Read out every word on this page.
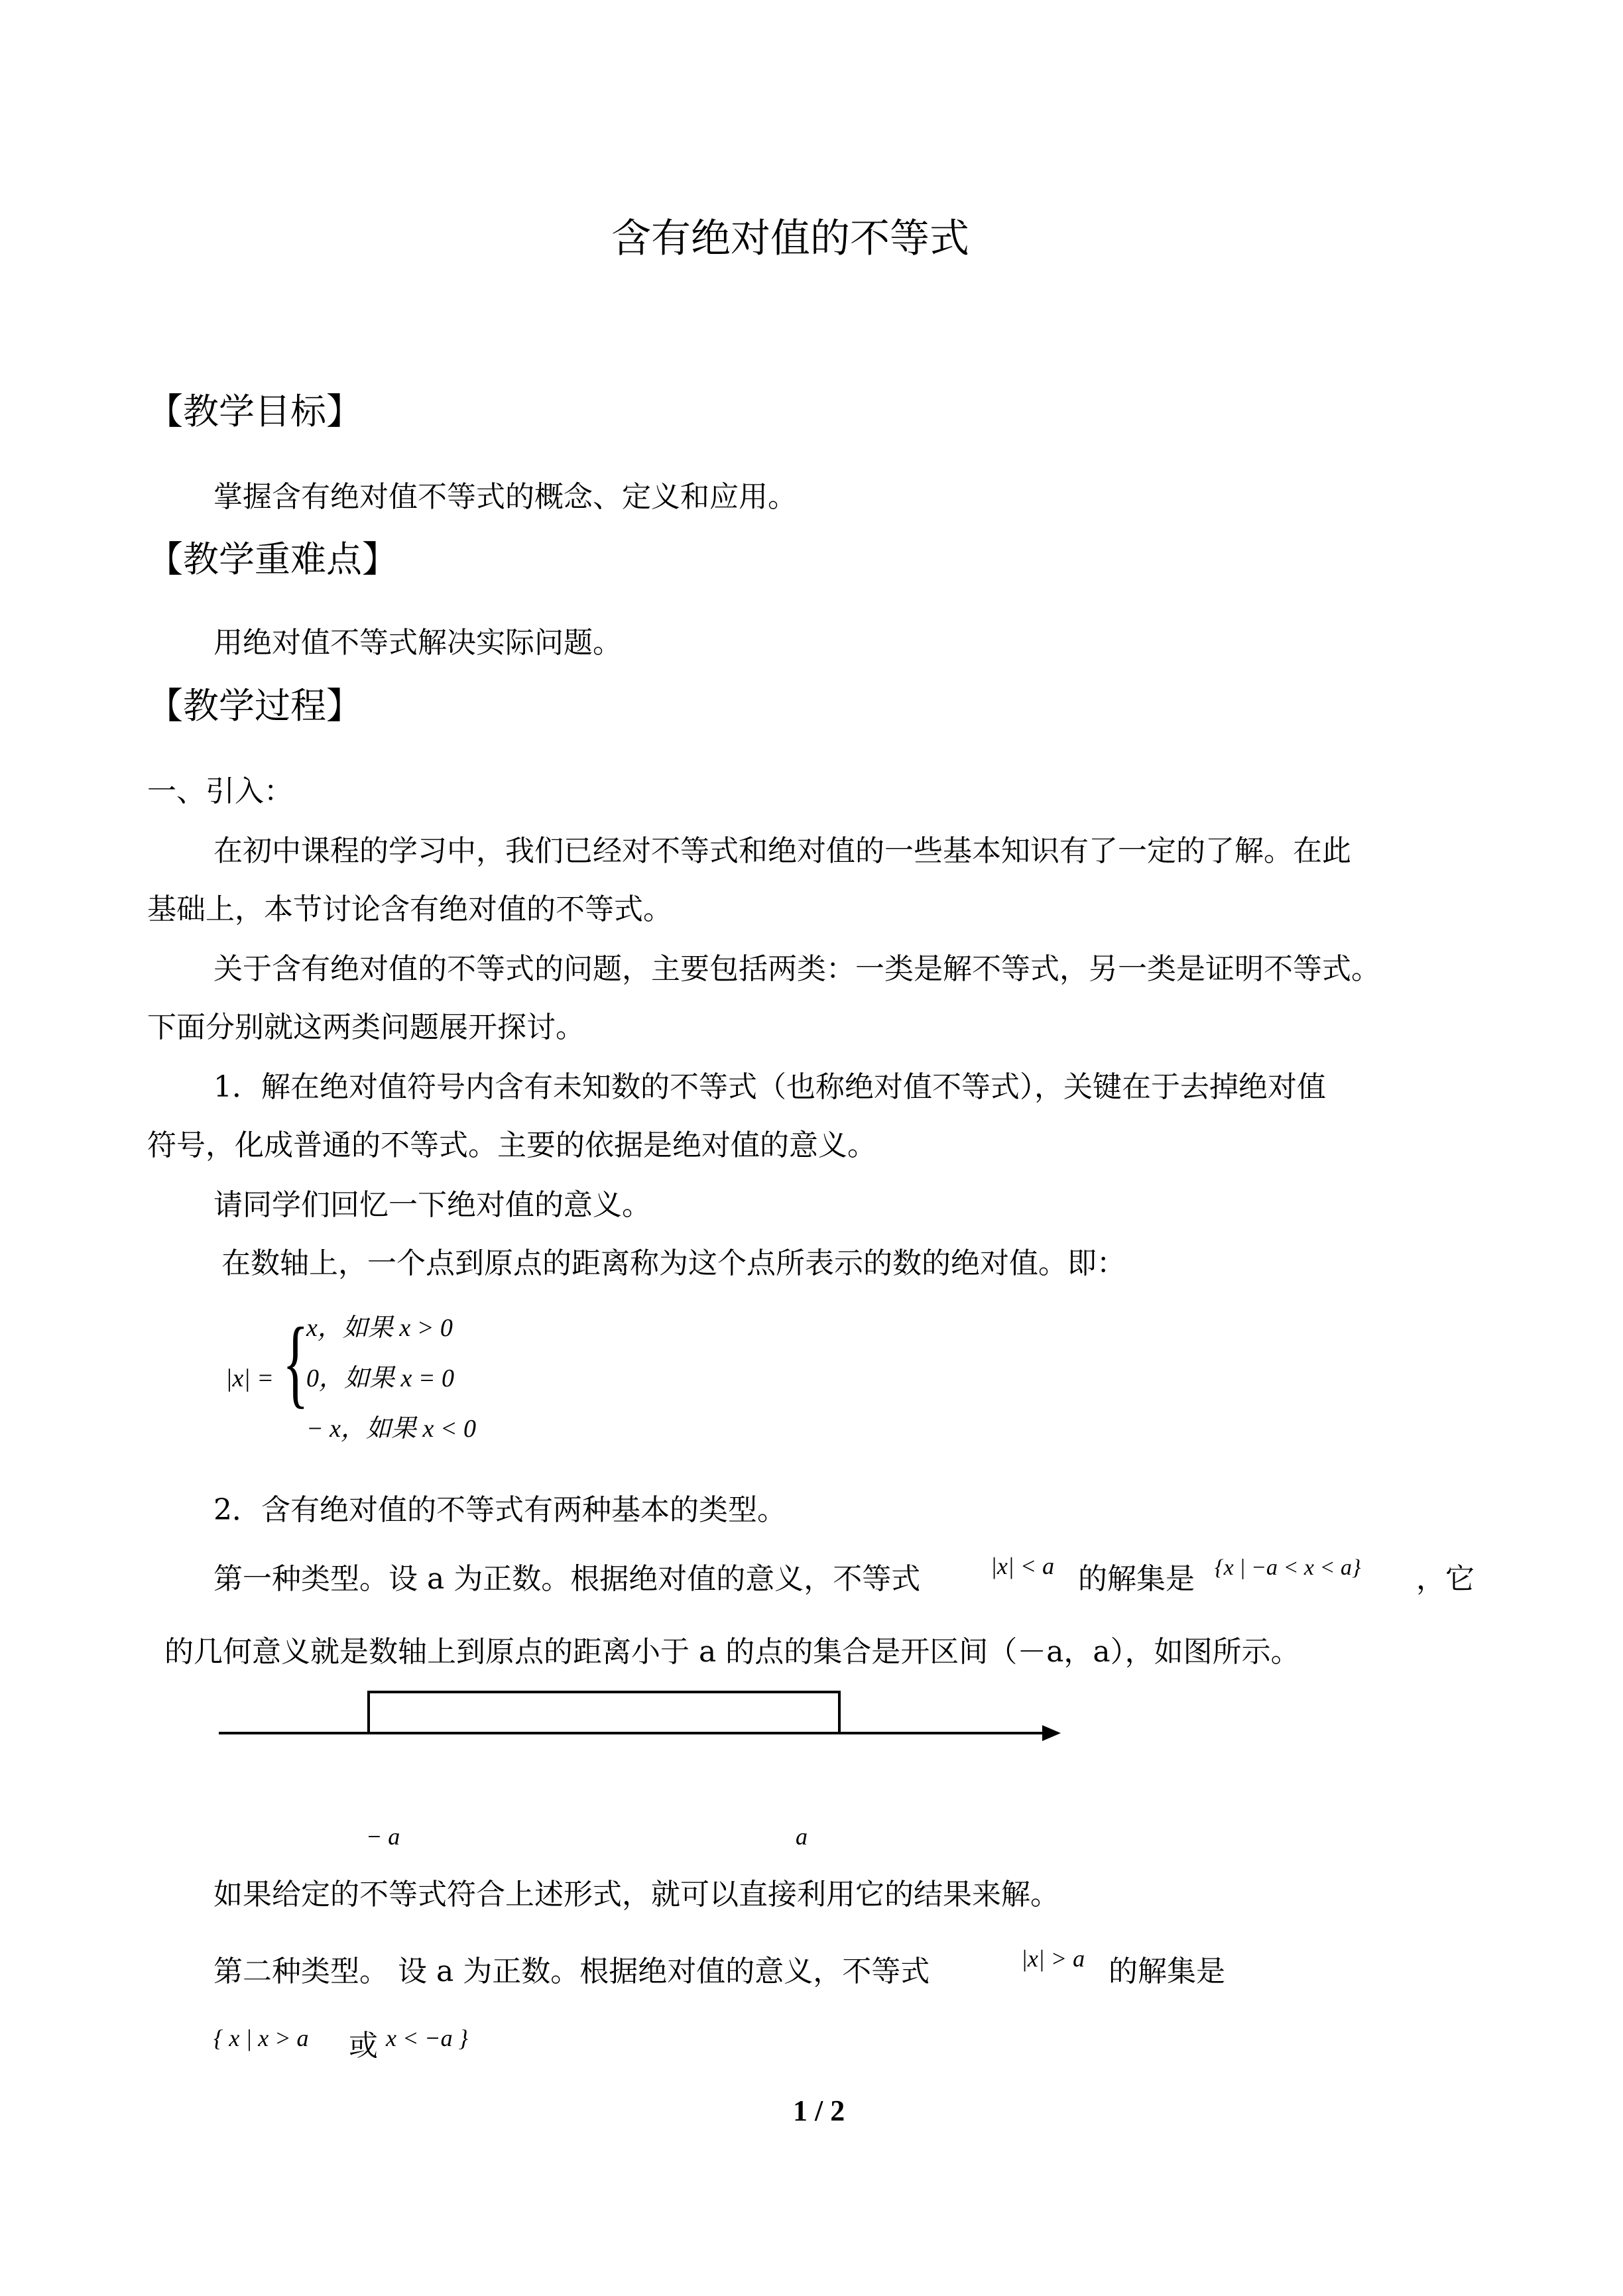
含有绝对值的不等式
【教学目标】
掌握含有绝对值不等式的概念、定义和应用。
【教学重难点】
用绝对值不等式解决实际问题。
【教学过程】
一、引入：
在初中课程的学习中，我们已经对不等式和绝对值的一些基本知识有了一定的了解。在此
基础上，本节讨论含有绝对值的不等式。
关于含有绝对值的不等式的问题，主要包括两类：一类是解不等式，另一类是证明不等式。
下面分别就这两类问题展开探讨。
1．解在绝对值符号内含有未知数的不等式（也称绝对值不等式），关键在于去掉绝对值
符号，化成普通的不等式。主要的依据是绝对值的意义。
请同学们回忆一下绝对值的意义。
在数轴上，一个点到原点的距离称为这个点所表示的数的绝对值。即：
|x| = {
x，如果 x > 0
0，如果 x = 0
− x，如果 x < 0
2．含有绝对值的不等式有两种基本的类型。
第一种类型。设 a 为正数。根据绝对值的意义，不等式	|x| < a 的解集是 {x | −a < x < a} ，它
的几何意义就是数轴上到原点的距离小于 a 的点的集合是开区间（－a，a），如图所示。
− a	a
如果给定的不等式符合上述形式，就可以直接利用它的结果来解。
第二种类型。 设 a 为正数。根据绝对值的意义，不等式	|x| > a 的解集是
{ x | x > a 或 x < −a }
1 / 2
